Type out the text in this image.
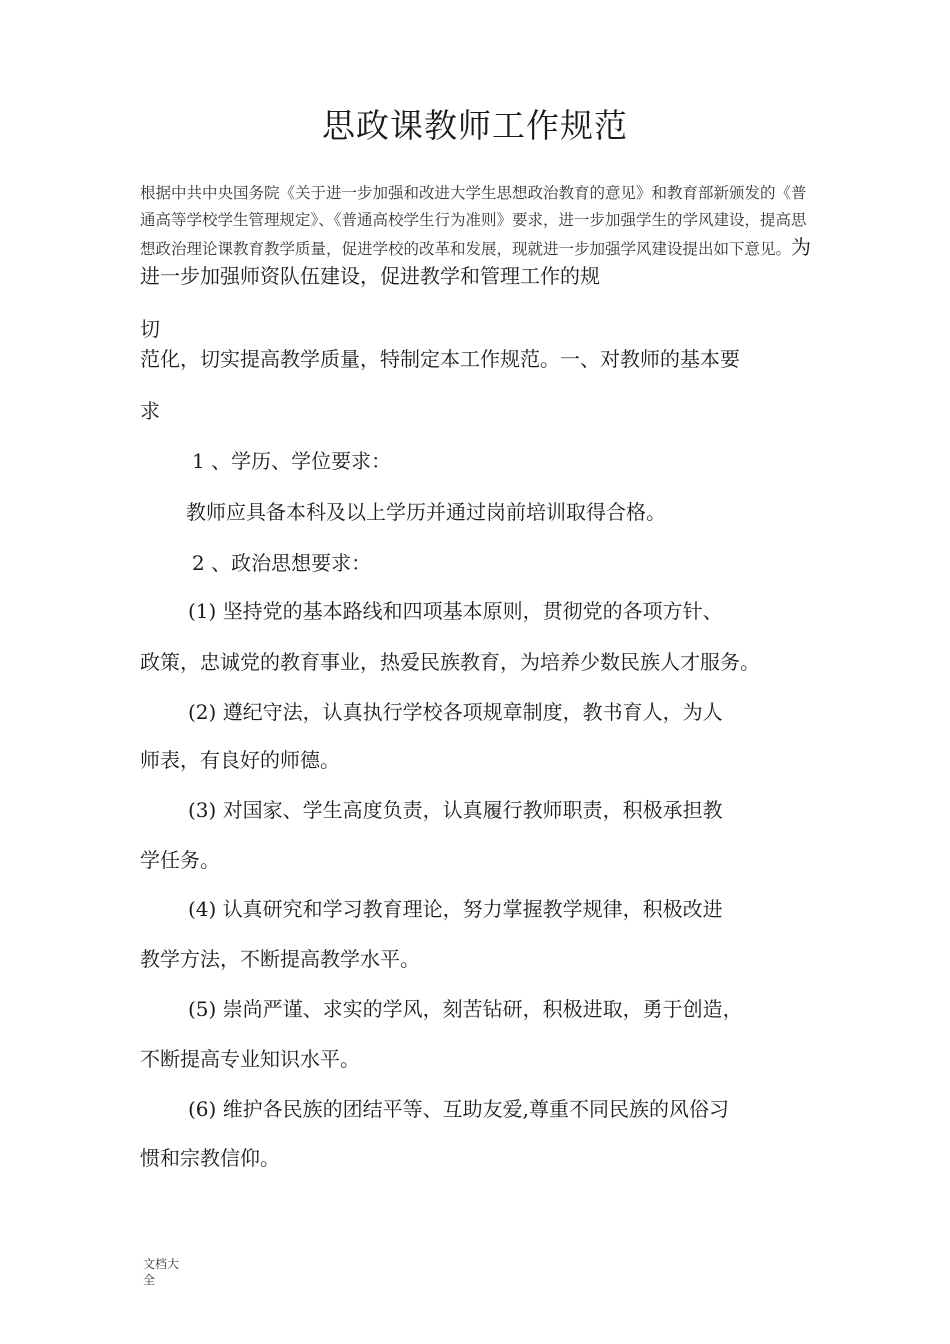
思政课教师工作规范
根据中共中央国务院《关于进一步加强和改进大学生思想政治教育的意见》和教育部新颁发的《普通高等学校学生管理规定》、《普通高校学生行为准则》要求，进一步加强学生的学风建设，提高思想政治理论课教育教学质量，促进学校的改革和发展，现就进一步加强学风建设提出如下意见。为进一步加强师资队伍建设，促进教学和管理工作的规
切
范化，切实提高教学质量，特制定本工作规范。一、对教师的基本要
求
1 、学历、学位要求：
教师应具备本科及以上学历并通过岗前培训取得合格。
2 、政治思想要求：
(1) 坚持党的基本路线和四项基本原则，贯彻党的各项方针、
政策，忠诚党的教育事业，热爱民族教育，为培养少数民族人才服务。
(2) 遵纪守法，认真执行学校各项规章制度，教书育人，为人
师表，有良好的师德。
(3) 对国家、学生高度负责，认真履行教师职责，积极承担教
学任务。
(4) 认真研究和学习教育理论，努力掌握教学规律，积极改进
教学方法，不断提高教学水平。
(5) 崇尚严谨、求实的学风，刻苦钻研，积极进取，勇于创造，
不断提高专业知识水平。
(6) 维护各民族的团结平等、互助友爱,尊重不同民族的风俗习
惯和宗教信仰。
文档大全
